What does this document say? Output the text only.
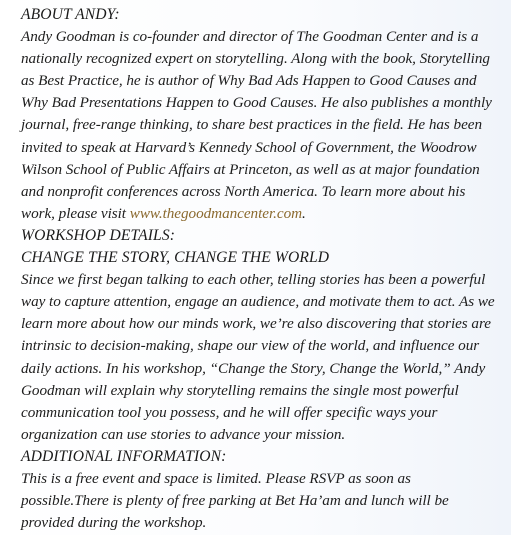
ABOUT ANDY:

Andy Goodman is co-founder and director of The Goodman Center and is a nationally recognized expert on storytelling. Along with the book, Storytelling as Best Practice, he is author of Why Bad Ads Happen to Good Causes and Why Bad Presentations Happen to Good Causes. He also publishes a monthly journal, free-range thinking, to share best practices in the field. He has been invited to speak at Harvard’s Kennedy School of Government, the Woodrow Wilson School of Public Affairs at Princeton, as well as at major foundation and nonprofit conferences across North America. To learn more about his work, please visit www.thegoodmancenter.com.

WORKSHOP DETAILS:

CHANGE THE STORY, CHANGE THE WORLD

Since we first began talking to each other, telling stories has been a powerful way to capture attention, engage an audience, and motivate them to act. As we learn more about how our minds work, we’re also discovering that stories are intrinsic to decision-making, shape our view of the world, and influence our daily actions. In his workshop, “Change the Story, Change the World,” Andy Goodman will explain why storytelling remains the single most powerful communication tool you possess, and he will offer specific ways your organization can use stories to advance your mission.

ADDITIONAL INFORMATION:

This is a free event and space is limited. Please RSVP as soon as possible.There is plenty of free parking at Bet Ha’am and lunch will be provided during the workshop.
